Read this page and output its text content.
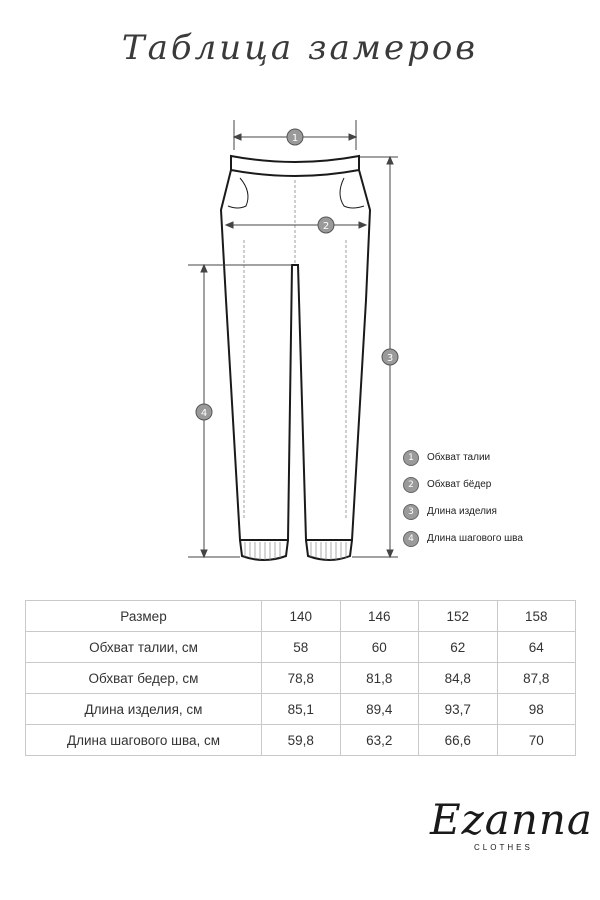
Таблица замеров
1
2
3
4
1	Обхват талии
2	Обхват бёдер
3	Длина изделия
4	Длина шагового шва
Размер	140	146	152	158
Обхват талии, см	58	60	62	64
Обхват бедер, см	78,8	81,8	84,8	87,8
Длина изделия, см	85,1	89,4	93,7	98
Длина шагового шва, см	59,8	63,2	66,6	70
Ezanna
CLOTHES
